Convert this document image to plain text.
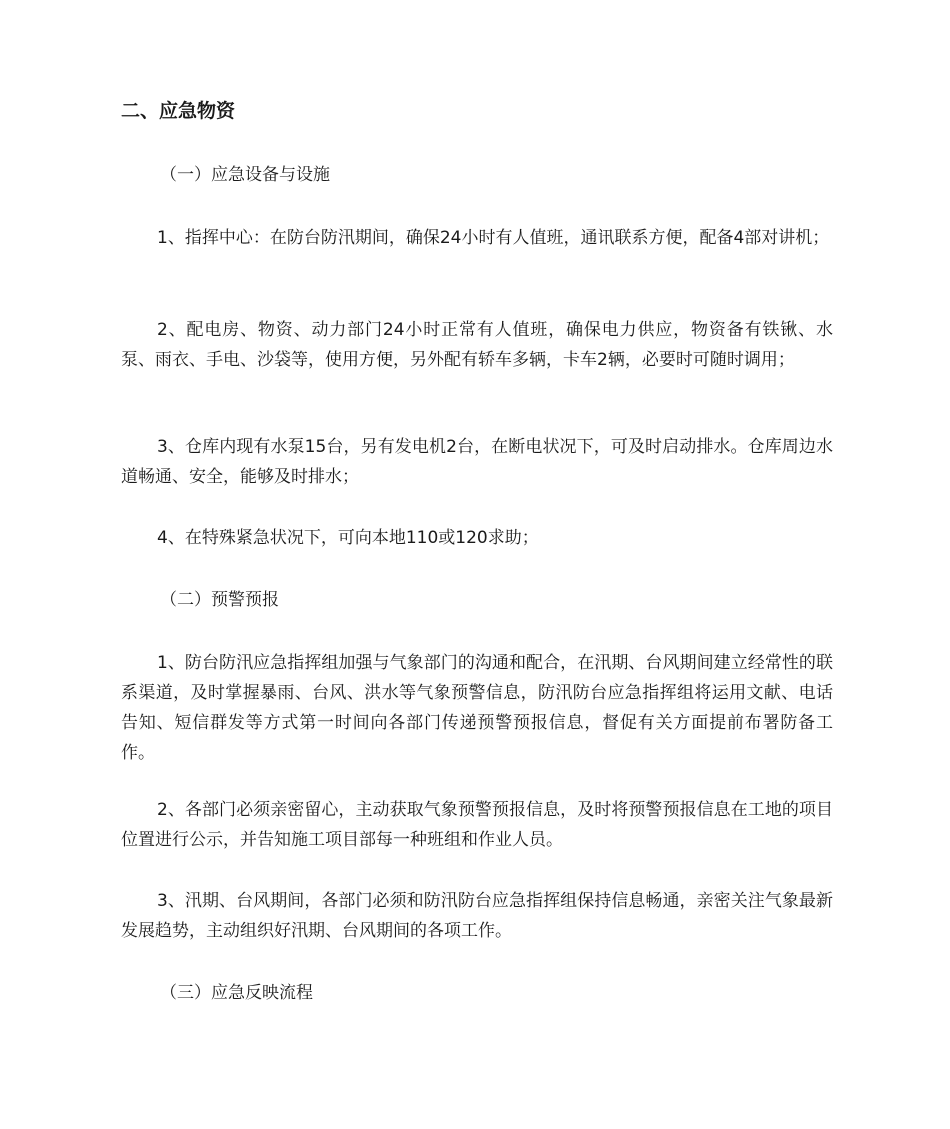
二、应急物资

（一）应急设备与设施

1、指挥中心：在防台防汛期间，确保24小时有人值班，通讯联系方便，配备4部对讲机；

2、配电房、物资、动力部门24小时正常有人值班，确保电力供应，物资备有铁锹、水泵、雨衣、手电、沙袋等，使用方便，另外配有轿车多辆，卡车2辆，必要时可随时调用；

3、仓库内现有水泵15台，另有发电机2台，在断电状况下，可及时启动排水。仓库周边水道畅通、安全，能够及时排水；

4、在特殊紧急状况下，可向本地110或120求助；

（二）预警预报

1、防台防汛应急指挥组加强与气象部门的沟通和配合，在汛期、台风期间建立经常性的联系渠道，及时掌握暴雨、台风、洪水等气象预警信息，防汛防台应急指挥组将运用文献、电话告知、短信群发等方式第一时间向各部门传递预警预报信息，督促有关方面提前布署防备工作。

2、各部门必须亲密留心，主动获取气象预警预报信息，及时将预警预报信息在工地的项目位置进行公示，并告知施工项目部每一种班组和作业人员。

3、汛期、台风期间，各部门必须和防汛防台应急指挥组保持信息畅通，亲密关注气象最新发展趋势，主动组织好汛期、台风期间的各项工作。

（三）应急反映流程
